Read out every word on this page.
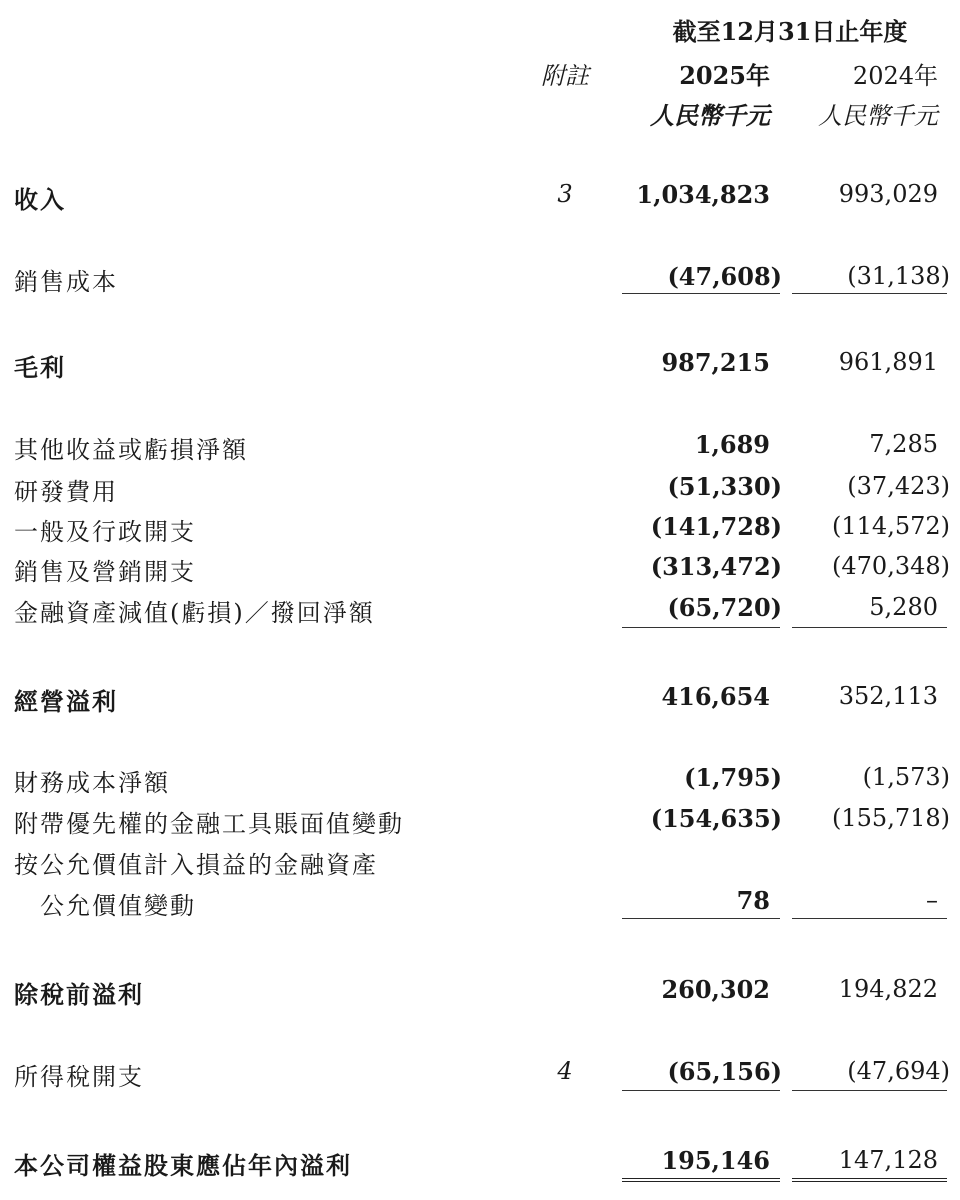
截至12月31日止年度
附註	2025年	2024年
人民幣千元 人民幣千元
收入	3	1,034,823	993,029
銷售成本	(47,608)	(31,138)
毛利	987,215	961,891
其他收益或虧損淨額	1,689	7,285
研發費用	(51,330)	(37,423)
一般及行政開支	(141,728) (114,572)
銷售及營銷開支	(313,472) (470,348)
金融資產減值(虧損)／撥回淨額	(65,720)	5,280
經營溢利	416,654	352,113
財務成本淨額	(1,795)	(1,573)
附帶優先權的金融工具賬面值變動	(154,635) (155,718)
按公允價值計入損益的金融資產
公允價值變動	78	–
除稅前溢利	260,302	194,822
所得稅開支	4	(65,156)	(47,694)
本公司權益股東應佔年內溢利	195,146	147,128
